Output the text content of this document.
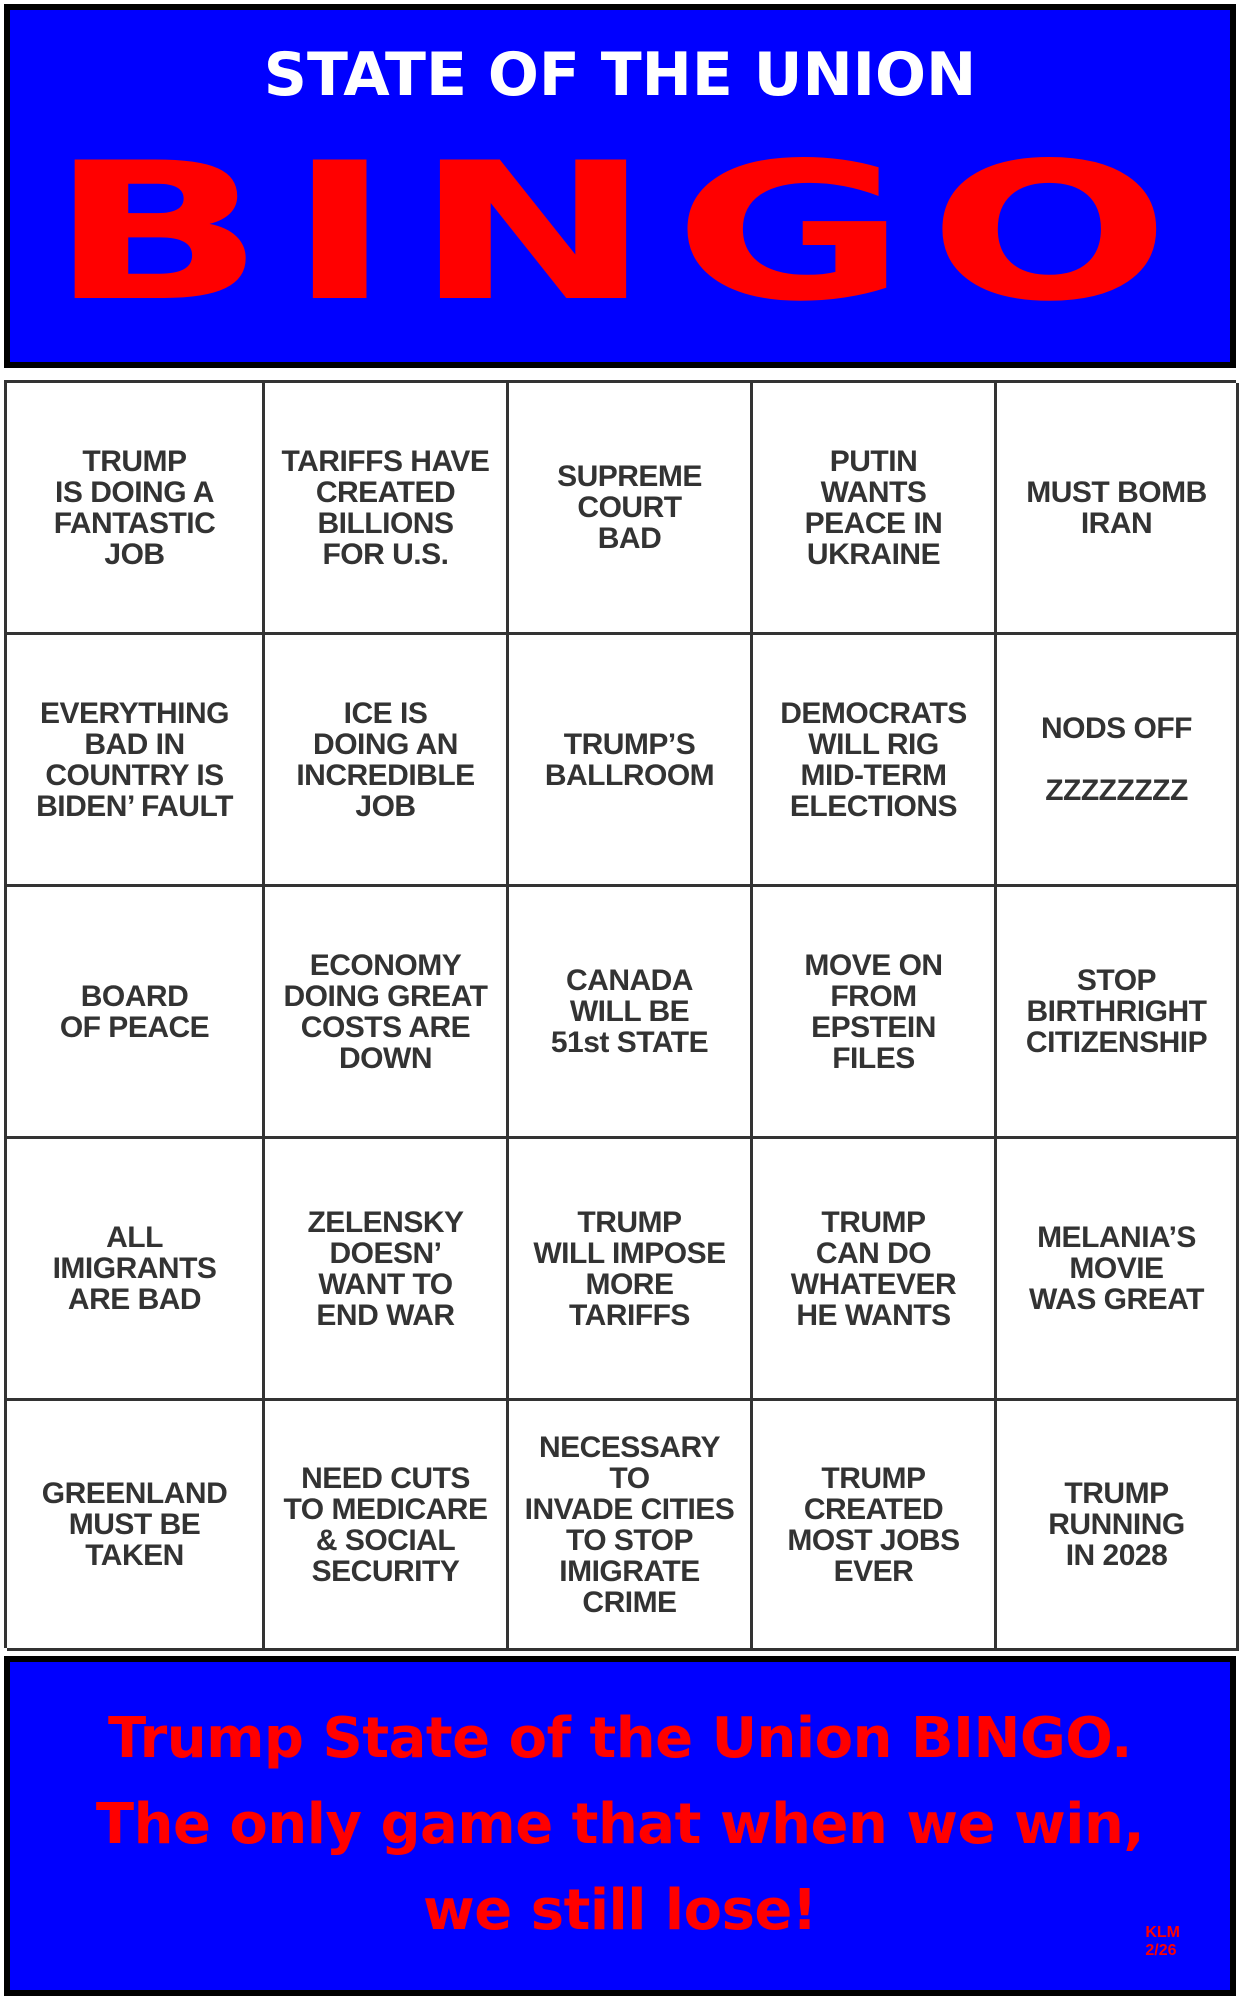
STATE OF THE UNION
BINGO
TRUMP
IS DOING A
FANTASTIC
JOB
TARIFFS HAVE
CREATED
BILLIONS
FOR U.S.
SUPREME
COURT
BAD
PUTIN
WANTS
PEACE IN
UKRAINE
MUST BOMB
IRAN
EVERYTHING
BAD IN
COUNTRY IS
BIDEN’ FAULT
ICE IS
DOING AN
INCREDIBLE
JOB
TRUMP’S
BALLROOM
DEMOCRATS
WILL RIG
MID-TERM
ELECTIONS
NODS OFF

ZZZZZZZZ
BOARD
OF PEACE
ECONOMY
DOING GREAT
COSTS ARE
DOWN
CANADA
WILL BE
51st STATE
MOVE ON
FROM
EPSTEIN
FILES
STOP
BIRTHRIGHT
CITIZENSHIP
ALL
IMIGRANTS
ARE BAD
ZELENSKY
DOESN’
WANT TO
END WAR
TRUMP
WILL IMPOSE
MORE
TARIFFS
TRUMP
CAN DO
WHATEVER
HE WANTS
MELANIA’S
MOVIE
WAS GREAT
GREENLAND
MUST BE
TAKEN
NEED CUTS
TO MEDICARE
& SOCIAL
SECURITY
NECESSARY
TO
INVADE CITIES
TO STOP
IMIGRATE
CRIME
TRUMP
CREATED
MOST JOBS
EVER
TRUMP
RUNNING
IN 2028
Trump State of the Union BINGO.
The only game that when we win,
we still lose!	KLM
2/26
